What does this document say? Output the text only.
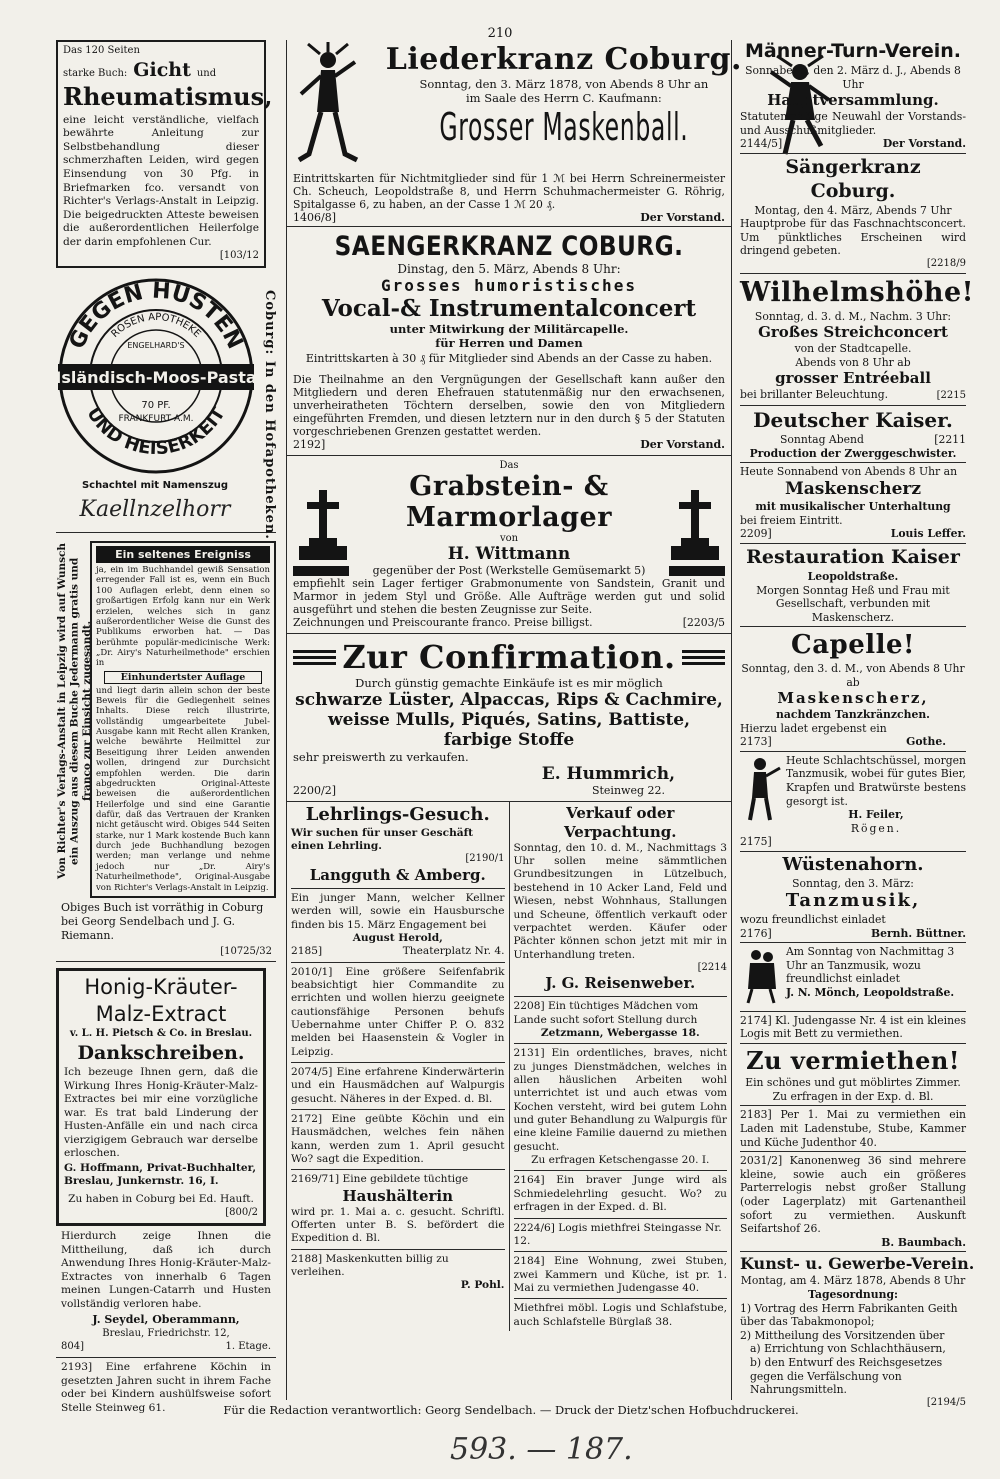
210
Das 120 Seiten
starke Buch: Gicht und
Rheumatismus,

eine leicht verständliche, vielfach bewährte Anleitung zur Selbstbehandlung dieser schmerzhaften Leiden, wird gegen Einsendung von 30 Pfg. in Briefmarken fco. versandt von Richter's Verlags-Anstalt in Leipzig. Die beigedruckten Atteste beweisen die außerordentlichen Heilerfolge der darin empfohlenen Cur.

[103/12
GEGEN HUSTEN
ROSEN APOTHEKE
ENGELHARD'S
Isländisch-Moos-Pasta
70 PF.
FRANKFURT A.M.
UND HEISERKEIT
Schachtel mit Namenszug
Kaellnzelhorr	Coburg: In den Hofapotheken.
Von Richter's Verlags-Anstalt in Leipzig wird auf Wunsch ein Auszug aus diesem Buche Jedermann gratis und franco zur Einsicht zugesandt.
Ein seltenes Ereigniss

ja, ein im Buchhandel gewiß Sensation erregender Fall ist es, wenn ein Buch 100 Auflagen erlebt, denn einen so großartigen Erfolg kann nur ein Werk erzielen, welches sich in ganz außerordentlicher Weise die Gunst des Publikums erworben hat. — Das berühmte populär-medicinische Werk: „Dr. Airy's Naturheilmethode" erschien in

Einhundertster Auflage

und liegt darin allein schon der beste Beweis für die Gediegenheit seines Inhalts. Diese reich illustrirte, vollständig umgearbeitete Jubel-Ausgabe kann mit Recht allen Kranken, welche bewährte Heilmittel zur Beseitigung ihrer Leiden anwenden wollen, dringend zur Durchsicht empfohlen werden. Die darin abgedruckten Original-Atteste beweisen die außerordentlichen Heilerfolge und sind eine Garantie dafür, daß das Vertrauen der Kranken nicht getäuscht wird. Obiges 544 Seiten starke, nur 1 Mark kostende Buch kann durch jede Buchhandlung bezogen werden; man verlange und nehme jedoch nur „Dr. Airy's Naturheilmethode", Original-Ausgabe von Richter's Verlags-Anstalt in Leipzig.

Obiges Buch ist vorräthig in Coburg bei Georg Sendelbach und J. G. Riemann.

[10725/32
Honig-Kräuter-
Malz-Extract
v. L. H. Pietsch & Co. in Breslau.
Dankschreiben.

Ich bezeuge Ihnen gern, daß die Wirkung Ihres Honig-Kräuter-Malz-Extractes bei mir eine vorzügliche war. Es trat bald Linderung der Husten-Anfälle ein und nach circa vierzigigem Gebrauch war derselbe erloschen.

G. Hoffmann, Privat-Buchhalter, Breslau, Junkernstr. 16, I.

Zu haben in Coburg bei Ed. Hauft.

[800/2

Hierdurch zeige Ihnen die Mittheilung, daß ich durch Anwendung Ihres Honig-Kräuter-Malz-Extractes von innerhalb 6 Tagen meinen Lungen-Catarrh und Husten vollständig verloren habe.

J. Seydel, Oberammann,

Breslau, Friedrichstr. 12,

804]	1. Etage.

2193] Eine erfahrene Köchin in gesetzten Jahren sucht in ihrem Fache oder bei Kindern aushülfsweise sofort Stelle Steinweg 61.

Liederkranz Coburg.
Sonntag, den 3. März 1878, von Abends 8 Uhr an
im Saale des Herrn C. Kaufmann:
Grosser Maskenball.

Eintrittskarten für Nichtmitglieder sind für 1 ℳ bei Herrn Schreinermeister Ch. Scheuch, Leopoldstraße 8, und Herrn Schuhmachermeister G. Röhrig, Spitalgasse 6, zu haben, an der Casse 1 ℳ 20 ₰.

1406/8]	Der Vorstand.
SAENGERKRANZ COBURG.
Dinstag, den 5. März, Abends 8 Uhr:
Grosses humoristisches
Vocal-& Instrumentalconcert
unter Mitwirkung der Militärcapelle.
für Herren und Damen
Eintrittskarten à 30 ₰ für Mitglieder sind Abends an der Casse zu haben.

Die Theilnahme an den Vergnügungen der Gesellschaft kann außer den Mitgliedern und deren Ehefrauen statutenmäßig nur den erwachsenen, unverheiratheten Töchtern derselben, sowie den von Mitgliedern eingeführten Fremden, und diesen letztern nur in den durch § 5 der Statuten vorgeschriebenen Grenzen gestattet werden.

2192]	Der Vorstand.
Das
Grabstein- & Marmorlager
von
H. Wittmann
gegenüber der Post (Werkstelle Gemüsemarkt 5)

empfiehlt sein Lager fertiger Grabmonumente von Sandstein, Granit und Marmor in jedem Styl und Größe. Alle Aufträge werden gut und solid ausgeführt und stehen die besten Zeugnisse zur Seite.

Zeichnungen und Preiscourante franco. Preise billigst.	[2203/5
Zur Confirmation.
Durch günstig gemachte Einkäufe ist es mir möglich
schwarze Lüster, Alpaccas, Rips & Cachmire,
weisse Mulls, Piqués, Satins, Battiste,
farbige Stoffe
sehr preiswerth zu verkaufen.
E. Hummrich,
2200/2]	Steinweg 22.
Lehrlings-Gesuch.
Wir suchen für unser Geschäft einen Lehrling.
[2190/1
Langguth & Amberg.

Ein junger Mann, welcher Kellner werden will, sowie ein Hausbursche finden bis 15. März Engagement bei

August Herold,
2185]	Theaterplatz Nr. 4.

2010/1] Eine größere Seifenfabrik beabsichtigt hier Commandite zu errichten und wollen hierzu geeignete cautionsfähige Personen behufs Uebernahme unter Chiffer P. O. 832 melden bei Haasenstein & Vogler in Leipzig.

2074/5] Eine erfahrene Kinderwärterin und ein Hausmädchen auf Walpurgis gesucht. Näheres in der Exped. d. Bl.

2172] Eine geübte Köchin und ein Hausmädchen, welches fein nähen kann, werden zum 1. April gesucht Wo? sagt die Expedition.

2169/71] Eine gebildete tüchtige
Haushälterin

wird pr. 1. Mai a. c. gesucht. Schriftl. Offerten unter B. S. befördert die Expedition d. Bl.

2188] Maskenkutten billig zu verleihen.

P. Pohl.
Verkauf oder Verpachtung.

Sonntag, den 10. d. M., Nachmittags 3 Uhr sollen meine sämmtlichen Grundbesitzungen in Lützelbuch, bestehend in 10 Acker Land, Feld und Wiesen, nebst Wohnhaus, Stallungen und Scheune, öffentlich verkauft oder verpachtet werden. Käufer oder Pächter können schon jetzt mit mir in Unterhandlung treten.

[2214
J. G. Reisenweber.

2208] Ein tüchtiges Mädchen vom Lande sucht sofort Stellung durch

Zetzmann, Webergasse 18.

2131] Ein ordentliches, braves, nicht zu junges Dienstmädchen, welches in allen häuslichen Arbeiten wohl unterrichtet ist und auch etwas vom Kochen versteht, wird bei gutem Lohn und guter Behandlung zu Walpurgis für eine kleine Familie dauernd zu miethen gesucht.

Zu erfragen Ketschengasse 20. I.

2164] Ein braver Junge wird als Schmiedelehrling gesucht. Wo? zu erfragen in der Exped. d. Bl.

2224/6] Logis miethfrei Steingasse Nr. 12.

2184] Eine Wohnung, zwei Stuben, zwei Kammern und Küche, ist pr. 1. Mai zu vermiethen Judengasse 40.

Miethfrei möbl. Logis und Schlafstube, auch Schlafstelle Bürglaß 38.

Männer-Turn-Verein.
Sonnabend, den 2. März d. J., Abends 8 Uhr
Hauptversammlung.

Statutenmäßige Neuwahl der Vorstands- und Ausschußmitglieder.

2144/5]	Der Vorstand.
Sängerkranz Coburg.
Montag, den 4. März, Abends 7 Uhr

Hauptprobe für das Faschnachtsconcert. Um pünktliches Erscheinen wird dringend gebeten.

[2218/9
Wilhelmshöhe!
Sonntag, d. 3. d. M., Nachm. 3 Uhr:
Großes Streichconcert
von der Stadtcapelle.
Abends von 8 Uhr ab
grosser Entréeball
bei brillanter Beleuchtung.	[2215
Deutscher Kaiser.
Sonntag Abend	[2211
Production der Zwerggeschwister.
Heute Sonnabend von Abends 8 Uhr an
Maskenscherz
mit musikalischer Unterhaltung
bei freiem Eintritt.
2209]	Louis Leffer.
Restauration Kaiser
Leopoldstraße.

Morgen Sonntag Heß und Frau mit Gesellschaft, verbunden mit Maskenscherz.

Capelle!
Sonntag, den 3. d. M., von Abends 8 Uhr ab
Maskenscherz,
nachdem Tanzkränzchen.
Hierzu ladet ergebenst ein
2173]	Gothe.

Heute Schlachtschüssel, morgen Tanzmusik, wobei für gutes Bier, Krapfen und Bratwürste bestens gesorgt ist.

H. Feiler,
Rögen.
2175]
Wüstenahorn.
Sonntag, den 3. März:
Tanzmusik,
wozu freundlichst einladet
2176]	Bernh. Büttner.

Am Sonntag von Nachmittag 3 Uhr an Tanzmusik, wozu freundlichst einladet

J. N. Mönch, Leopoldstraße.

2174] Kl. Judengasse Nr. 4 ist ein kleines Logis mit Bett zu vermiethen.

Zu vermiethen!

Ein schönes und gut möblirtes Zimmer. Zu erfragen in der Exp. d. Bl.

2183] Per 1. Mai zu vermiethen ein Laden mit Ladenstube, Stube, Kammer und Küche Judenthor 40.

2031/2] Kanonenweg 36 sind mehrere kleine, sowie auch ein größeres Parterrelogis nebst großer Stallung (oder Lagerplatz) mit Gartenantheil sofort zu vermiethen. Auskunft Seifartshof 26.

B. Baumbach.
Kunst- u. Gewerbe-Verein.
Montag, am 4. März 1878, Abends 8 Uhr
Tagesordnung:
1) Vortrag des Herrn Fabrikanten Geith über das Tabakmonopol;
2) Mittheilung des Vorsitzenden über
a) Errichtung von Schlachthäusern,
b) den Entwurf des Reichsgesetzes gegen die Verfälschung von Nahrungsmitteln.
[2194/5
Für die Redaction verantwortlich: Georg Sendelbach. — Druck der Dietz'schen Hofbuchdruckerei.
593. — 187.
